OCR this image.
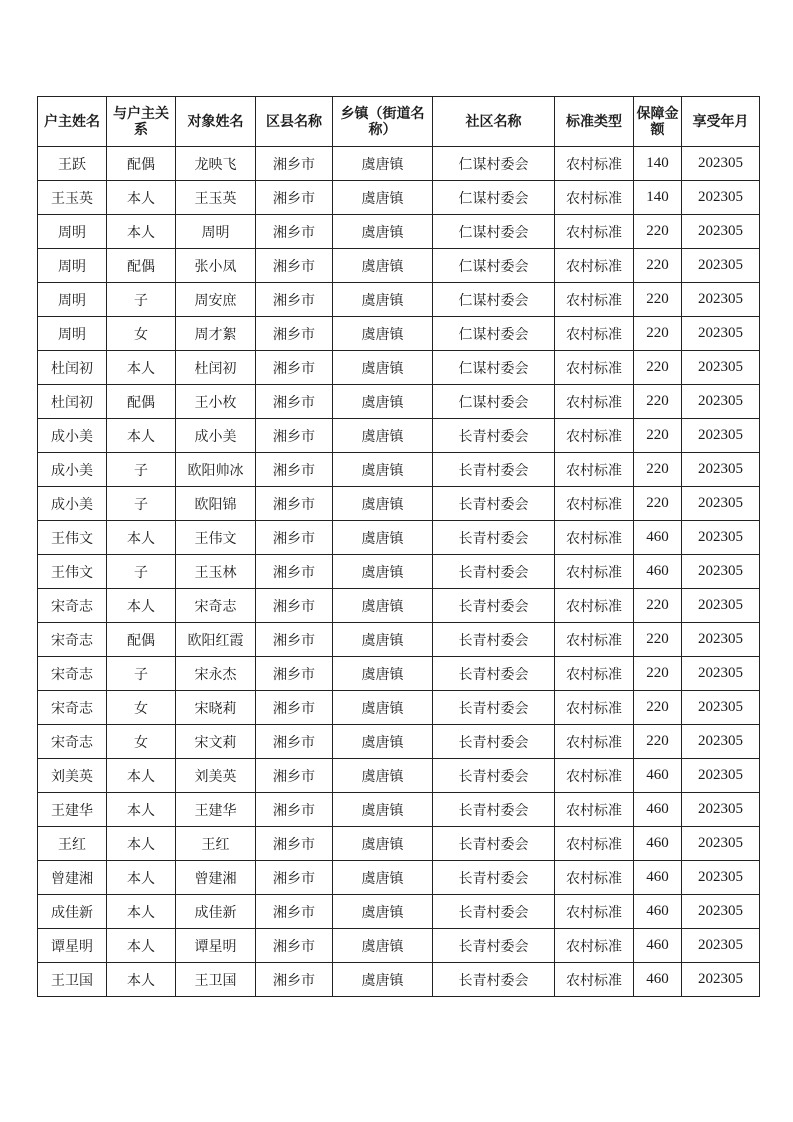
户主姓名	与户主关系	对象姓名	区县名称	乡镇（街道名称）	社区名称	标准类型	保障金额	享受年月
王跃	配偶	龙映飞	湘乡市	虞唐镇	仁谋村委会	农村标准	140	202305
王玉英	本人	王玉英	湘乡市	虞唐镇	仁谋村委会	农村标准	140	202305
周明	本人	周明	湘乡市	虞唐镇	仁谋村委会	农村标准	220	202305
周明	配偶	张小凤	湘乡市	虞唐镇	仁谋村委会	农村标准	220	202305
周明	子	周安庶	湘乡市	虞唐镇	仁谋村委会	农村标准	220	202305
周明	女	周才絮	湘乡市	虞唐镇	仁谋村委会	农村标准	220	202305
杜闰初	本人	杜闰初	湘乡市	虞唐镇	仁谋村委会	农村标准	220	202305
杜闰初	配偶	王小枚	湘乡市	虞唐镇	仁谋村委会	农村标准	220	202305
成小美	本人	成小美	湘乡市	虞唐镇	长青村委会	农村标准	220	202305
成小美	子	欧阳帅冰	湘乡市	虞唐镇	长青村委会	农村标准	220	202305
成小美	子	欧阳锦	湘乡市	虞唐镇	长青村委会	农村标准	220	202305
王伟文	本人	王伟文	湘乡市	虞唐镇	长青村委会	农村标准	460	202305
王伟文	子	王玉林	湘乡市	虞唐镇	长青村委会	农村标准	460	202305
宋奇志	本人	宋奇志	湘乡市	虞唐镇	长青村委会	农村标准	220	202305
宋奇志	配偶	欧阳红霞	湘乡市	虞唐镇	长青村委会	农村标准	220	202305
宋奇志	子	宋永杰	湘乡市	虞唐镇	长青村委会	农村标准	220	202305
宋奇志	女	宋晓莉	湘乡市	虞唐镇	长青村委会	农村标准	220	202305
宋奇志	女	宋文莉	湘乡市	虞唐镇	长青村委会	农村标准	220	202305
刘美英	本人	刘美英	湘乡市	虞唐镇	长青村委会	农村标准	460	202305
王建华	本人	王建华	湘乡市	虞唐镇	长青村委会	农村标准	460	202305
王红	本人	王红	湘乡市	虞唐镇	长青村委会	农村标准	460	202305
曾建湘	本人	曾建湘	湘乡市	虞唐镇	长青村委会	农村标准	460	202305
成佳新	本人	成佳新	湘乡市	虞唐镇	长青村委会	农村标准	460	202305
谭星明	本人	谭星明	湘乡市	虞唐镇	长青村委会	农村标准	460	202305
王卫国	本人	王卫国	湘乡市	虞唐镇	长青村委会	农村标准	460	202305
